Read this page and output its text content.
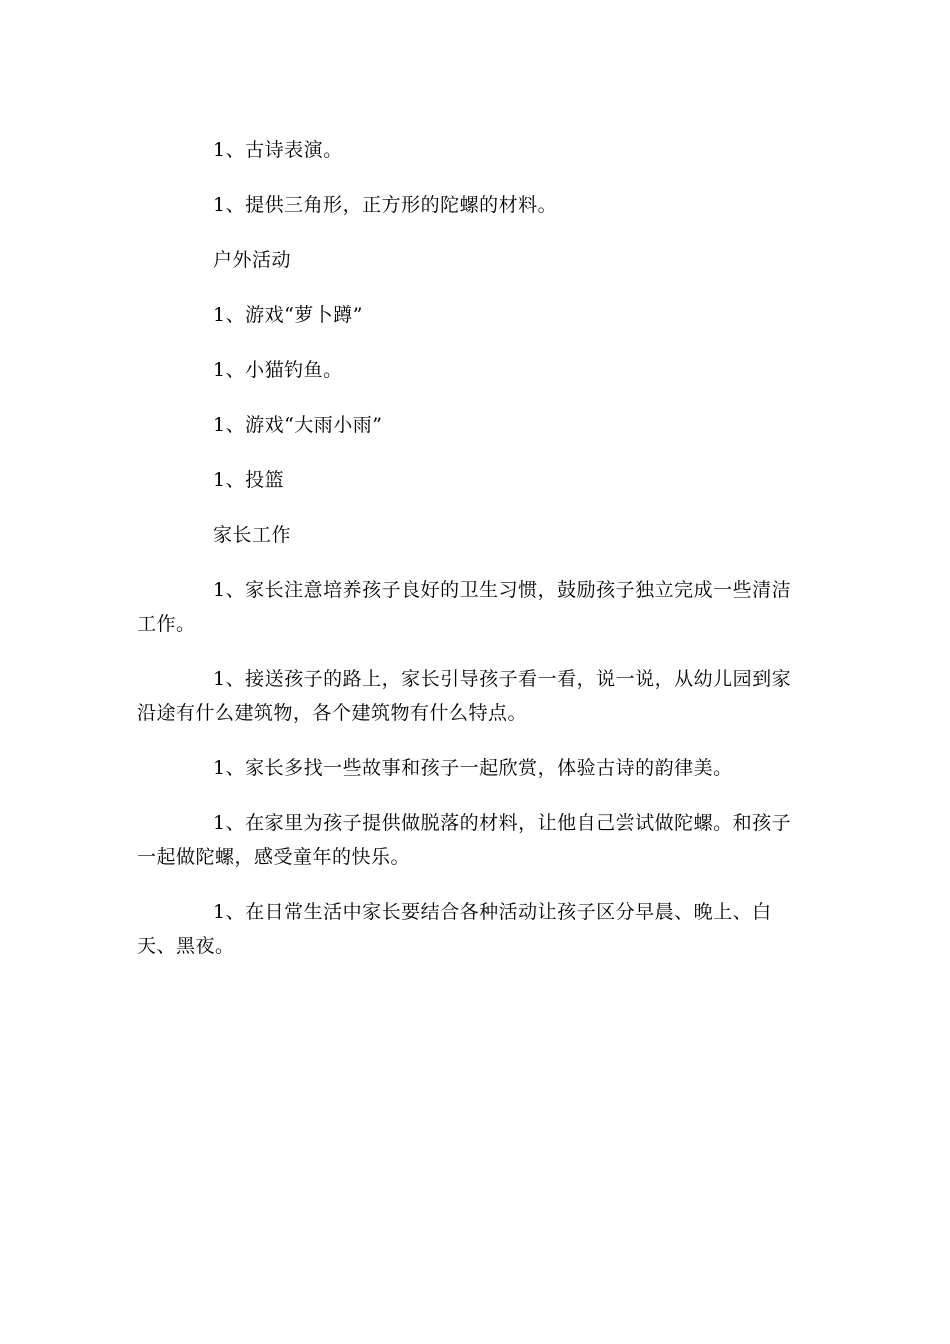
1、古诗表演。

1、提供三角形，正方形的陀螺的材料。

户外活动

1、游戏“萝卜蹲”

1、小猫钓鱼。

1、游戏“大雨小雨”

1、投篮

家长工作

1、家长注意培养孩子良好的卫生习惯，鼓励孩子独立完成一些清洁工作。

1、接送孩子的路上，家长引导孩子看一看，说一说，从幼儿园到家沿途有什么建筑物，各个建筑物有什么特点。

1、家长多找一些故事和孩子一起欣赏，体验古诗的韵律美。

1、在家里为孩子提供做脱落的材料，让他自己尝试做陀螺。和孩子一起做陀螺，感受童年的快乐。

1、在日常生活中家长要结合各种活动让孩子区分早晨、晚上、白天、黑夜。
